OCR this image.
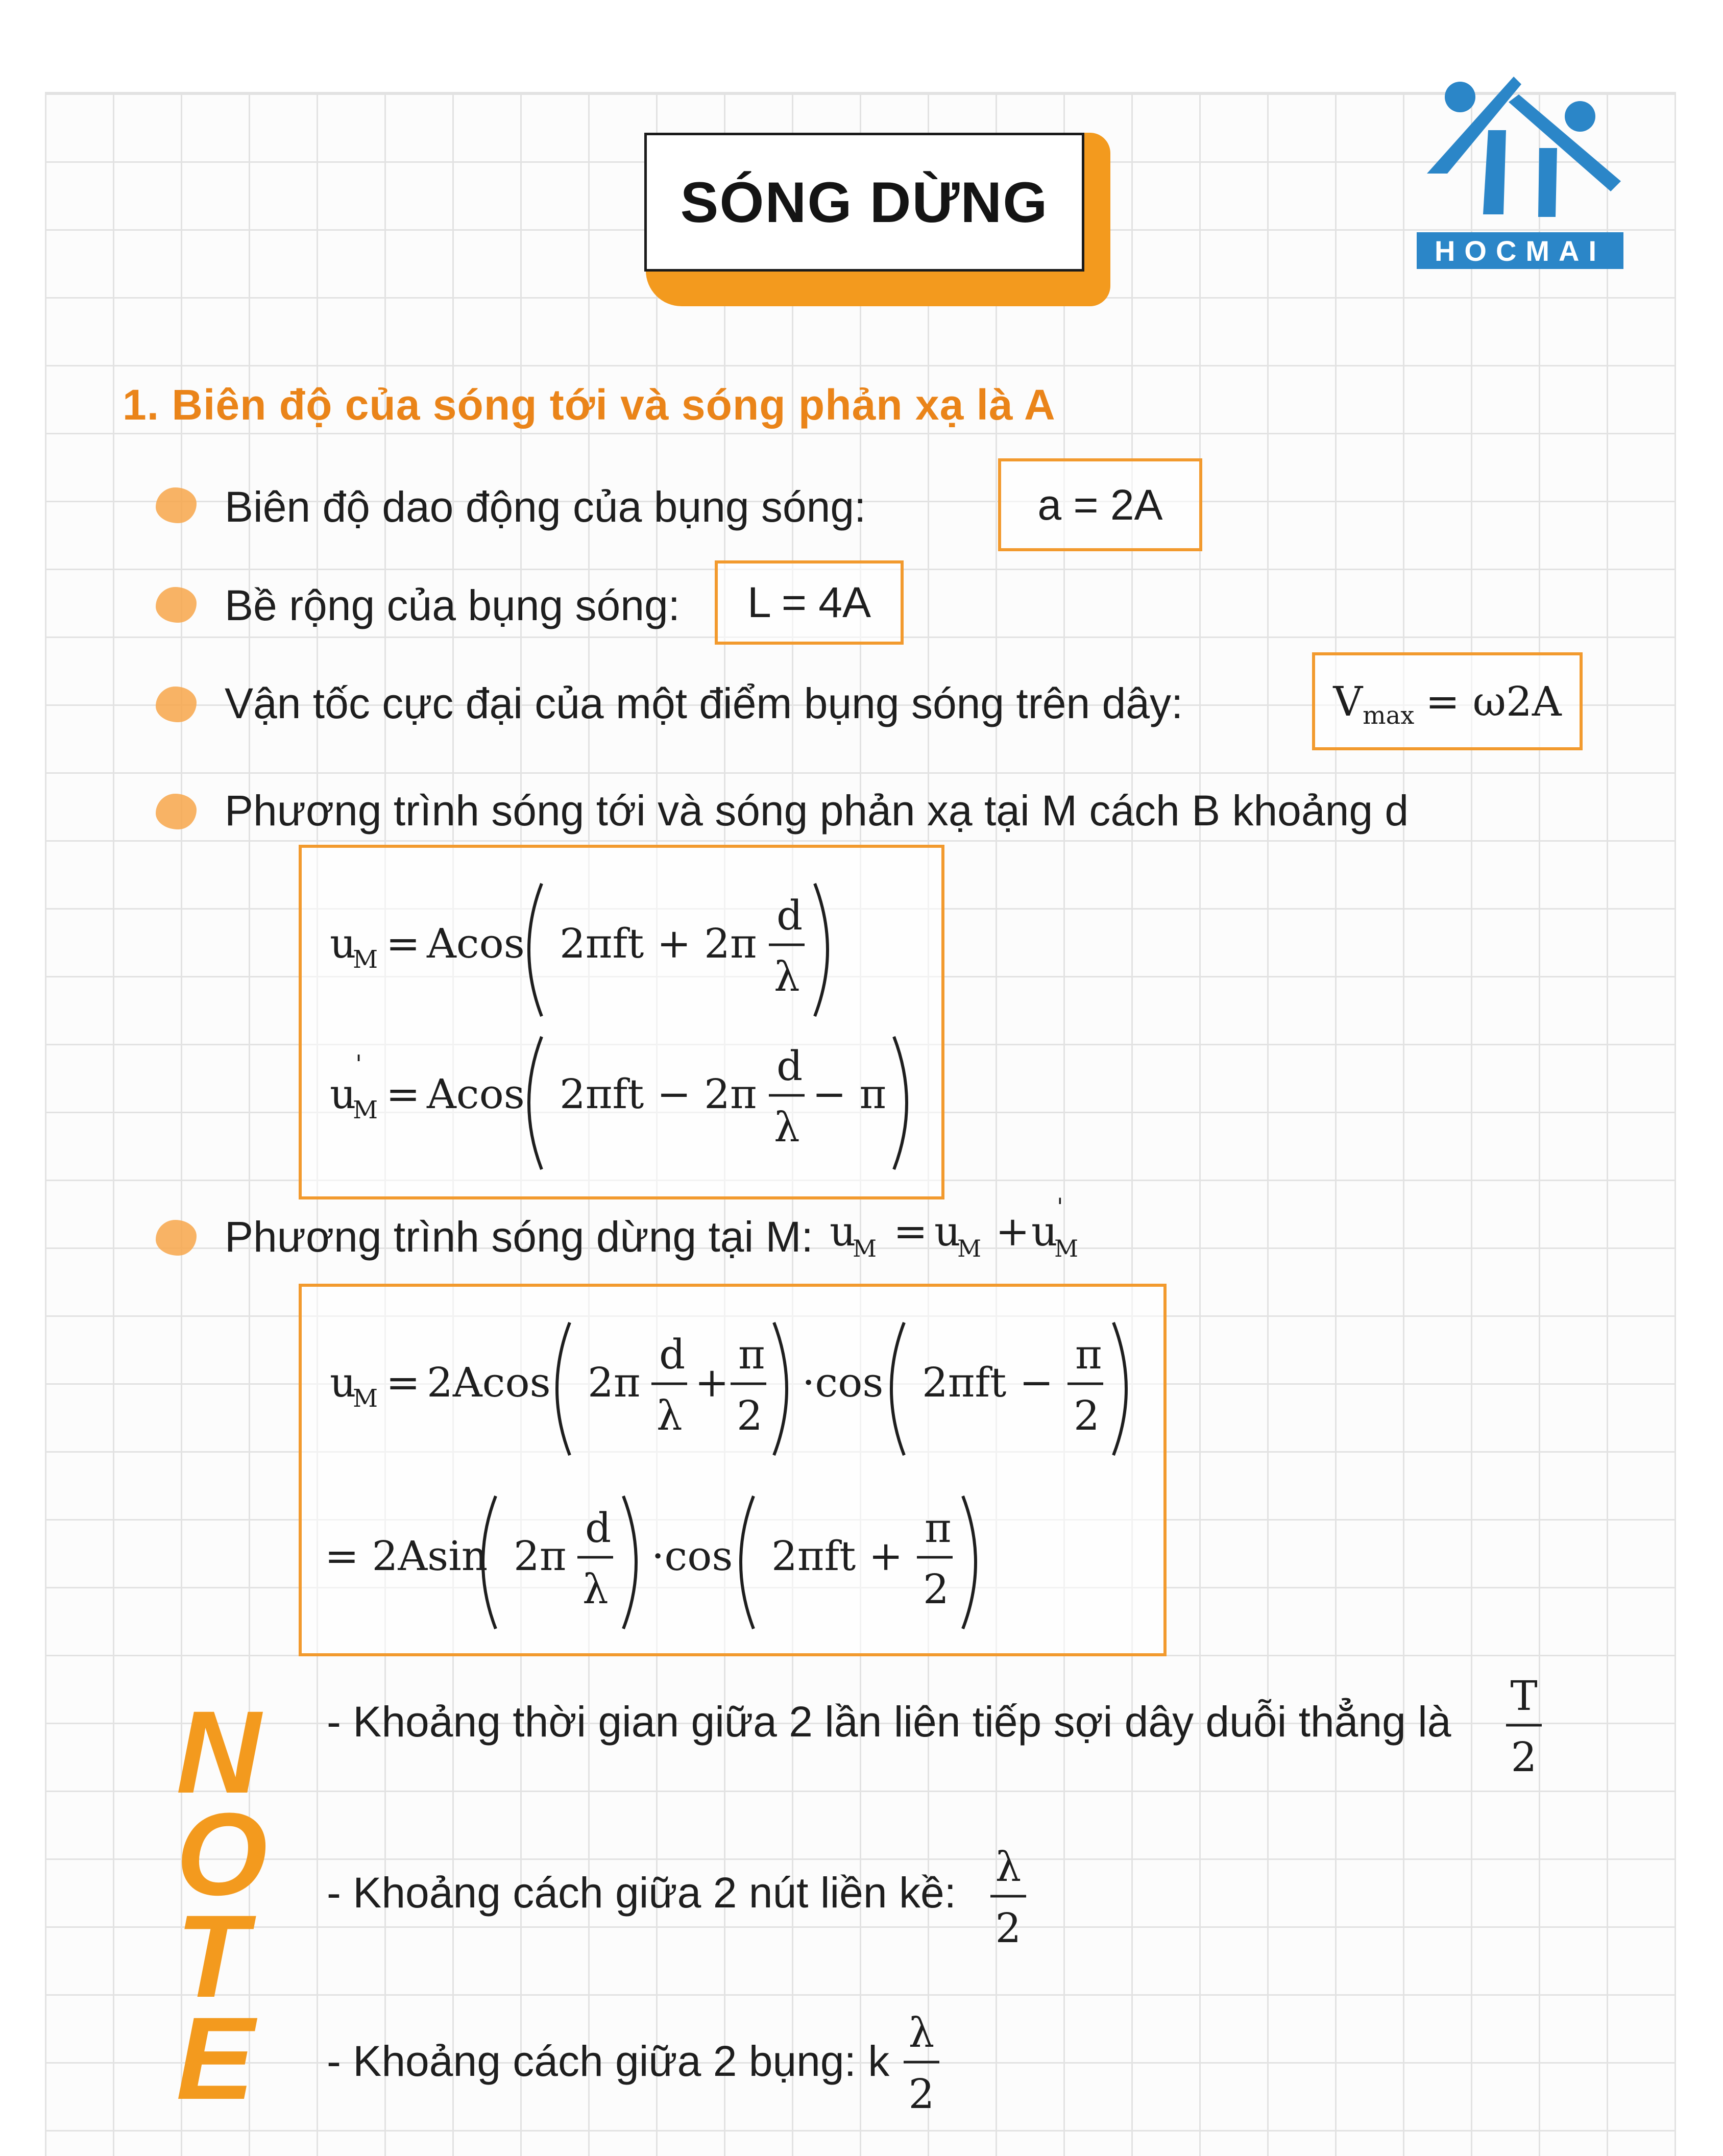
SÓNG DỪNG
HOCMAI
1. Biên độ của sóng tới và sóng phản xạ là A
Biên độ dao động của bụng sóng:	a = 2A
Bề rộng của bụng sóng:	L = 4A
Vận tốc cực đại của một điểm bụng sóng trên dây:	V max = ω2A
Phương trình sóng tới và sóng phản xạ tại M cách B khoảng d
u
M = Acos 2πft + 2π
d
λ
u
M
'
= Acos 2πft − 2π
d
λ
− π
Phương trình sóng dừng tại M: u
M = u
M + u
M
'
u
M = 2Acos 2π
d
λ
+
π
2
·cos 2πft −
π
2
= 2Asin 2π
d
λ
·cos 2πft +
π
2
N
O
T
E
- Khoảng thời gian giữa 2 lần liên tiếp sợi dây duỗi thẳng là
T
2
- Khoảng cách giữa 2 nút liền kề:
λ
2
- Khoảng cách giữa 2 bụng: k
λ
2
